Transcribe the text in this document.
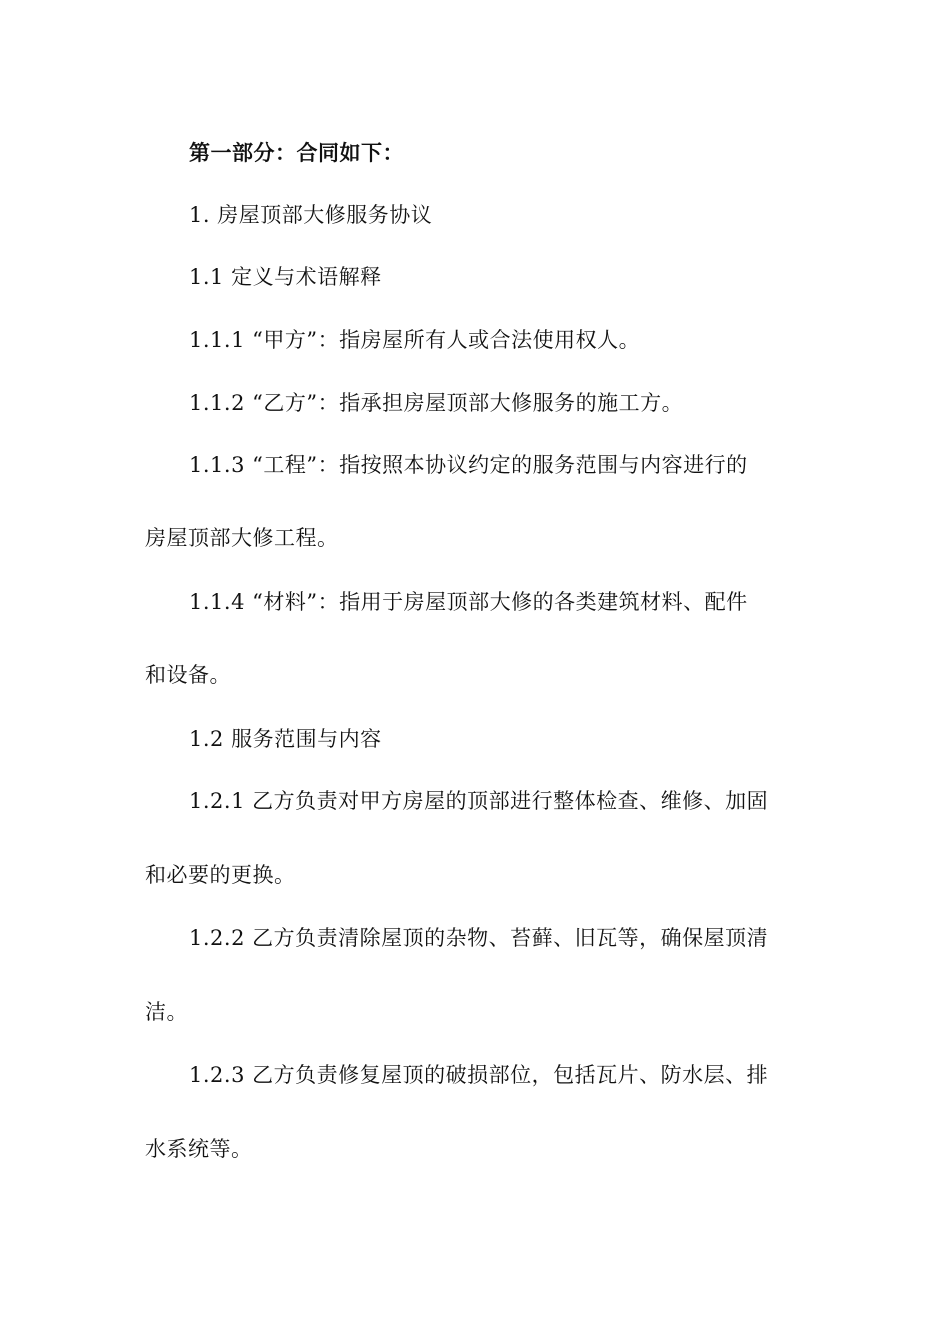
第一部分：合同如下：
1. 房屋顶部大修服务协议
1.1 定义与术语解释
1.1.1 “甲方”：指房屋所有人或合法使用权人。
1.1.2 “乙方”：指承担房屋顶部大修服务的施工方。
1.1.3 “工程”：指按照本协议约定的服务范围与内容进行的
房屋顶部大修工程。
1.1.4 “材料”：指用于房屋顶部大修的各类建筑材料、配件
和设备。
1.2 服务范围与内容
1.2.1 乙方负责对甲方房屋的顶部进行整体检查、维修、加固
和必要的更换。
1.2.2 乙方负责清除屋顶的杂物、苔藓、旧瓦等，确保屋顶清
洁。
1.2.3 乙方负责修复屋顶的破损部位，包括瓦片、防水层、排
水系统等。
